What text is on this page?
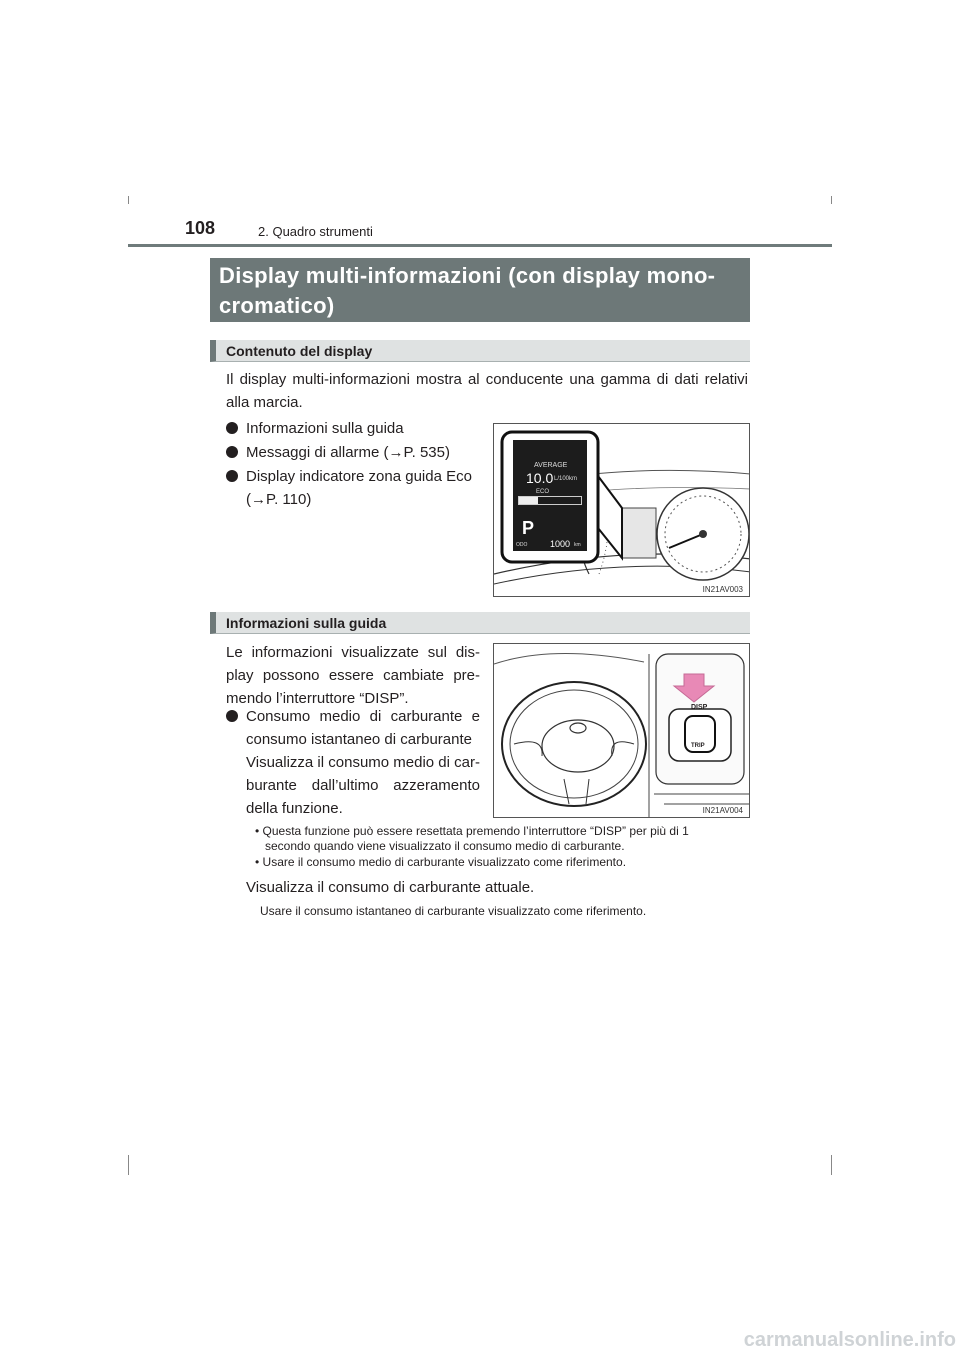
108	2. Quadro strumenti
Display multi-informazioni (con display mono-
cromatico)
Contenuto del display
Il display multi-informazioni mostra al conducente una gamma di dati relativi alla marcia.
Informazioni sulla guida
Messaggi di allarme (→P. 535)
Display indicatore zona guida Eco
(→P. 110)
AVERAGE
10.0 L/100km
ECO
P
ODO	1000 km
IN21AV003
Informazioni sulla guida
Le informazioni visualizzate sul dis-
play possono essere cambiate pre-
mendo l’interruttore “DISP”.
Consumo medio di carburante e
consumo istantaneo di carburante
Visualizza il consumo medio di car-
burante dall’ultimo azzeramento
della funzione.
• Questa funzione può essere resettata premendo l’interruttore “DISP” per più di 1
secondo quando viene visualizzato il consumo medio di carburante.
• Usare il consumo medio di carburante visualizzato come riferimento.
Visualizza il consumo di carburante attuale.
Usare il consumo istantaneo di carburante visualizzato come riferimento.
DISP
TRIP
IN21AV004
carmanualsonline.info
